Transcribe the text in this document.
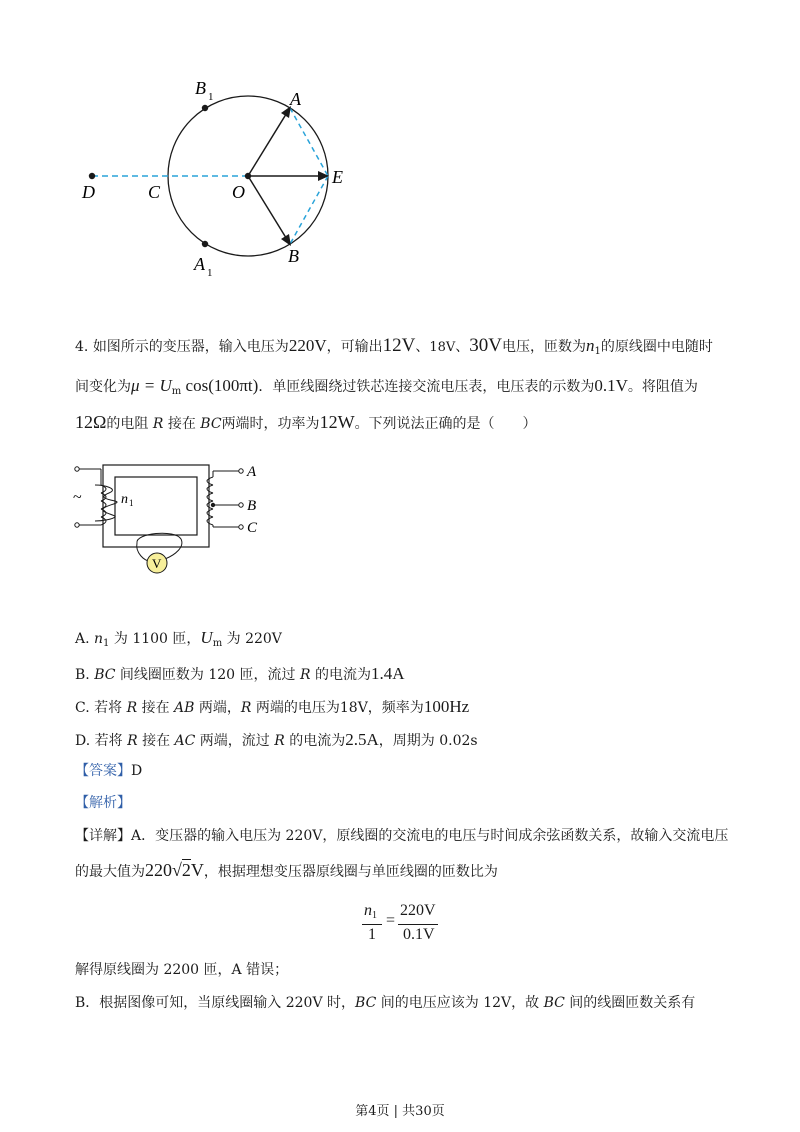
B 1	A
D	C	O
E
A 1
B
4. 如图所示的变压器，输入电压为220V，可输出12V、18V、30V电压，匝数为$n_1$的原线圈中电随时
间变化为$\mu = U_m$ cos(100πt)．单匝线圈绕过铁芯连接交流电压表，电压表的示数为0.1V。将阻值为
12Ω的电阻 R 接在 BC两端时，功率为12W。下列说法正确的是（　　）
V
~	n 1
A
B
C
A. $n_1$ 为 1100 匝，$U_m$ 为 220V
B. BC 间线圈匝数为 120 匝，流过 R 的电流为1.4A
C. 若将 R 接在 AB 两端，R 两端的电压为18V，频率为100Hz
D. 若将 R 接在 AC 两端，流过 R 的电流为2.5A，周期为 0.02s
【答案】D
【解析】
【详解】A．变压器的输入电压为 220V，原线圈的交流电的电压与时间成余弦函数关系，故输入交流电压
的最大值为220√2V，根据理想变压器原线圈与单匝线圈的匝数比为
$n_1$
1
=
220V
0.1V
解得原线圈为 2200 匝，A 错误；
B．根据图像可知，当原线圈输入 220V 时，BC 间的电压应该为 12V，故 BC 间的线圈匝数关系有
第4页 | 共30页
